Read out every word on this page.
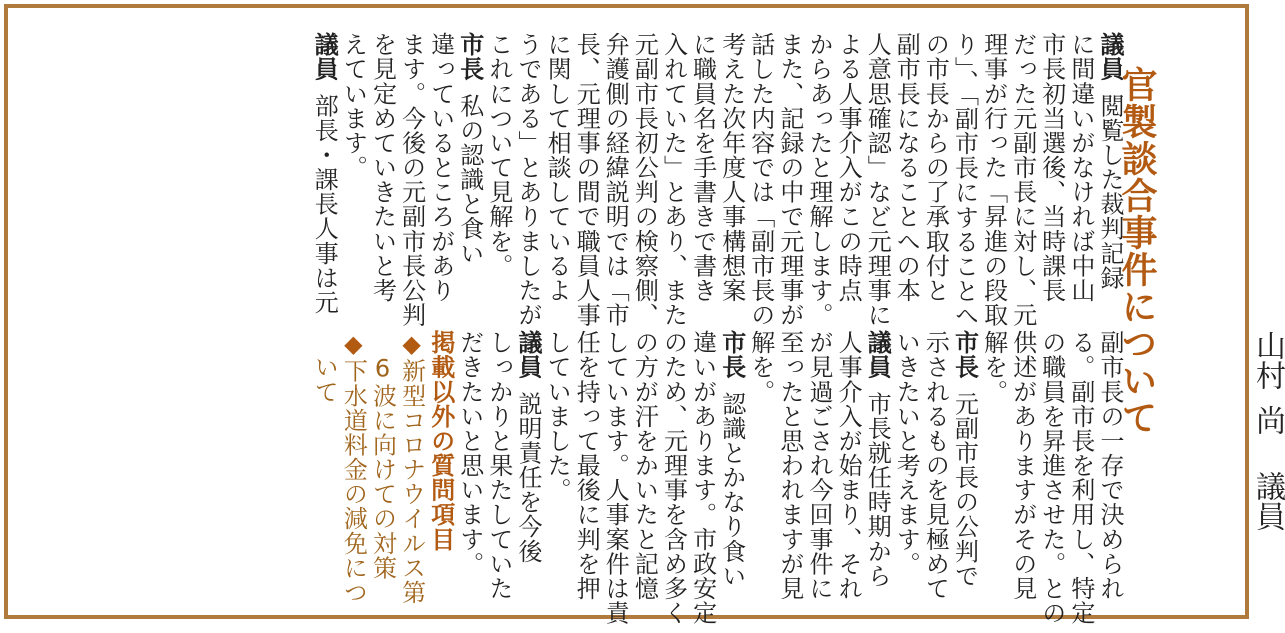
官製談合事件について	山村尚議員
議員閲覧した裁判記録
に間違いがなければ中山
市長初当選後、当時課長
だった元副市長に対し、元
理事が行った「昇進の段取
り」、「副市長にすることへ
の市長からの了承取付と
副市長になることへの本
人意思確認」など元理事に
よる人事介入がこの時点
からあったと理解します。
また、記録の中で元理事が
話した内容では「副市長の
考えた次年度人事構想案
に職員名を手書きで書き
入れていた」とあり、また
元副市長初公判の検察側、
弁護側の経緯説明では「市
長、元理事の間で職員人事
に関して相談しているよ
うである」とありましたが
これについて見解を。
市長私の認識と食い
違っているところがあり
ます。今後の元副市長公判
を見定めていきたいと考
えています。
議員部長・課長人事は元
副市長の一存で決められ
る。副市長を利用し、特定
の職員を昇進させた。との
供述がありますがその見
解を。
市長元副市長の公判で
示されるものを見極めて
いきたいと考えます。
議員市長就任時期から
人事介入が始まり、それ
が見過ごされ今回事件に
至ったと思われますが見
解を。
市長認識とかなり食い
違いがあります。市政安定
のため、元理事を含め多く
の方が汗をかいたと記憶
しています。人事案件は責
任を持って最後に判を押
していました。
議員説明責任を今後
しっかりと果たしていた
だきたいと思います。
掲載以外の質問項目
◆新型コロナウイルス第
　6波に向けての対策
◆下水道料金の減免につ
　いて
